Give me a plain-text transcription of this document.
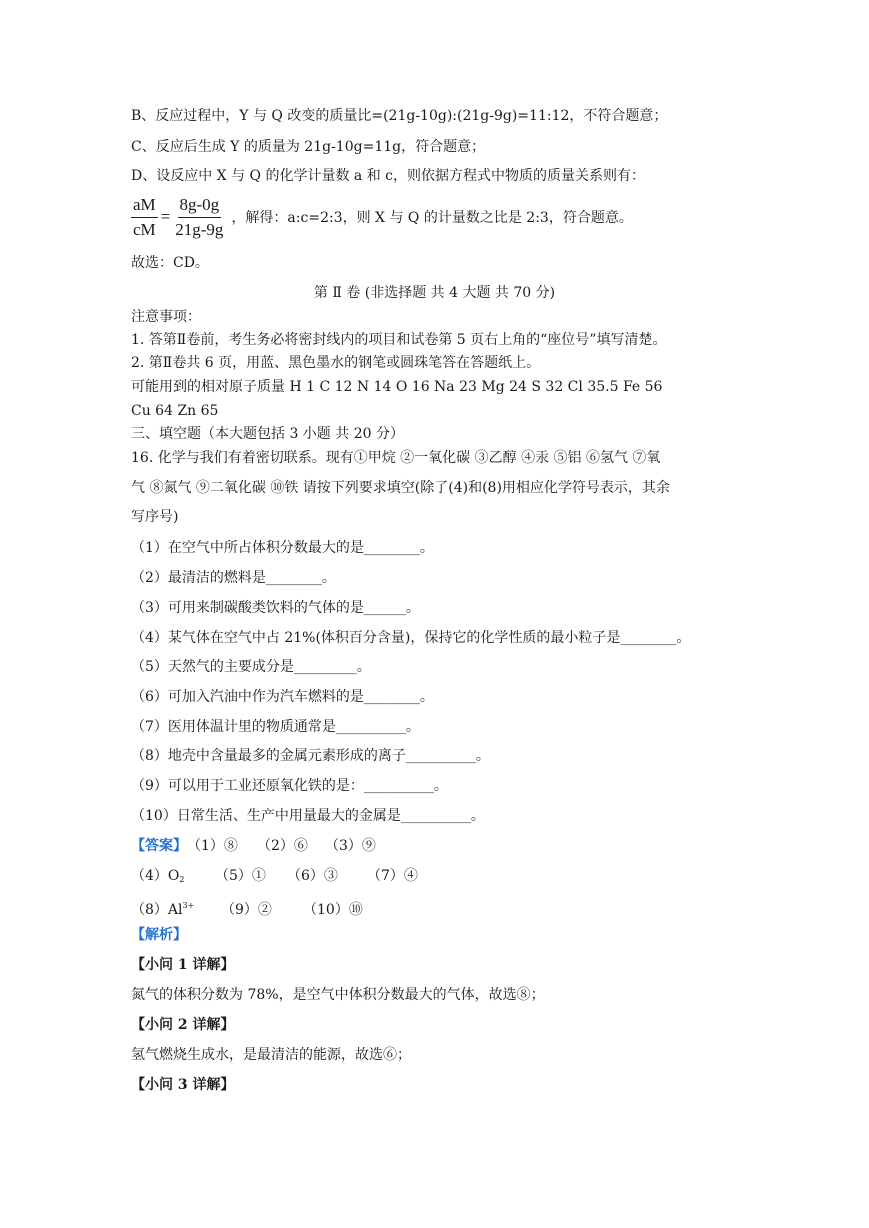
B、反应过程中，Y 与 Q 改变的质量比=(21g-10g):(21g-9g)=11:12，不符合题意；
C、反应后生成 Y 的质量为 21g-10g=11g，符合题意；
D、设反应中 X 与 Q 的化学计量数 a 和 c，则依据方程式中物质的质量关系则有：
$\frac{aM}{cM} = \frac{8g-0g}{21g-9g}$ ，解得：a:c=2:3，则 X 与 Q 的计量数之比是 2:3，符合题意。
故选：CD。
第 Ⅱ 卷 (非选择题 共 4 大题 共 70 分)
注意事项：
1. 答第Ⅱ卷前，考生务必将密封线内的项目和试卷第 5 页右上角的“座位号”填写清楚。
2. 第Ⅱ卷共 6 页，用蓝、黑色墨水的钢笔或圆珠笔答在答题纸上。
可能用到的相对原子质量 H 1 C 12 N 14 O 16 Na 23 Mg 24 S 32 Cl 35.5 Fe 56
Cu 64 Zn 65
三、填空题（本大题包括 3 小题 共 20 分）
16. 化学与我们有着密切联系。现有①甲烷 ②一氧化碳 ③乙醇 ④汞 ⑤铝 ⑥氢气 ⑦氧
气 ⑧氮气 ⑨二氧化碳 ⑩铁 请按下列要求填空(除了(4)和(8)用相应化学符号表示，其余
写序号)
（1）在空气中所占体积分数最大的是________。
（2）最清洁的燃料是________。
（3）可用来制碳酸类饮料的气体的是______。
（4）某气体在空气中占 21%(体积百分含量)，保持它的化学性质的最小粒子是________。
（5）天然气的主要成分是_________。
（6）可加入汽油中作为汽车燃料的是________。
（7）医用体温计里的物质通常是__________。
（8）地壳中含量最多的金属元素形成的离子__________。
（9）可以用于工业还原氧化铁的是：__________。
（10）日常生活、生产中用量最大的金属是__________。
【答案】（1）⑧ （2）⑥ （3）⑨
$(4)O_2$ （5）① （6）③ （7）④
$(8)Al^{3+}$ （9）② （10）⑩
【解析】
【小问 1 详解】
氮气的体积分数为 78%，是空气中体积分数最大的气体，故选⑧；
【小问 2 详解】
氢气燃烧生成水，是最清洁的能源，故选⑥；
【小问 3 详解】
